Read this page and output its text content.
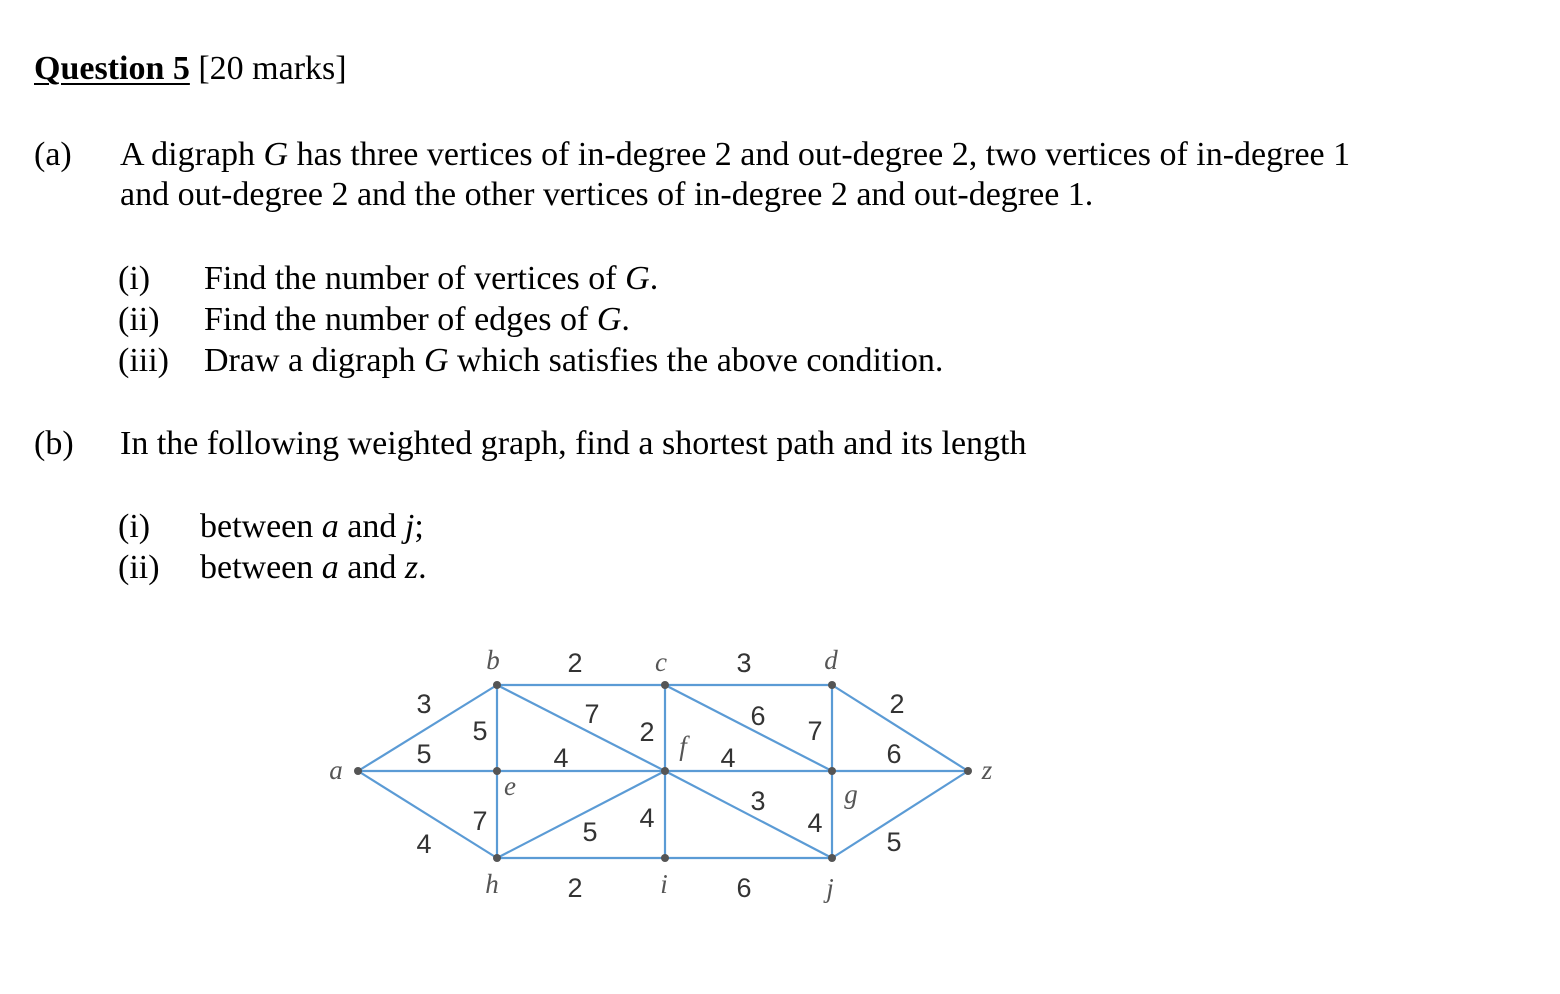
Question 5 [20 marks]
(a) A digraph G has three vertices of in-degree 2 and out-degree 2, two vertices of in-degree 1
and out-degree 2 and the other vertices of in-degree 2 and out-degree 1.
(i) Find the number of vertices of G.
(ii) Find the number of edges of G.
(iii) Draw a digraph G which satisfies the above condition.
(b) In the following weighted graph, find a shortest path and its length
(i) between a and j;
(ii) between a and z.
3
5
4
2
5
7
3
2
6 7
2
4
7
4
5 4
3
4
6
2	6
5
a
b	c	d
e
f
g
h	i	j
z
